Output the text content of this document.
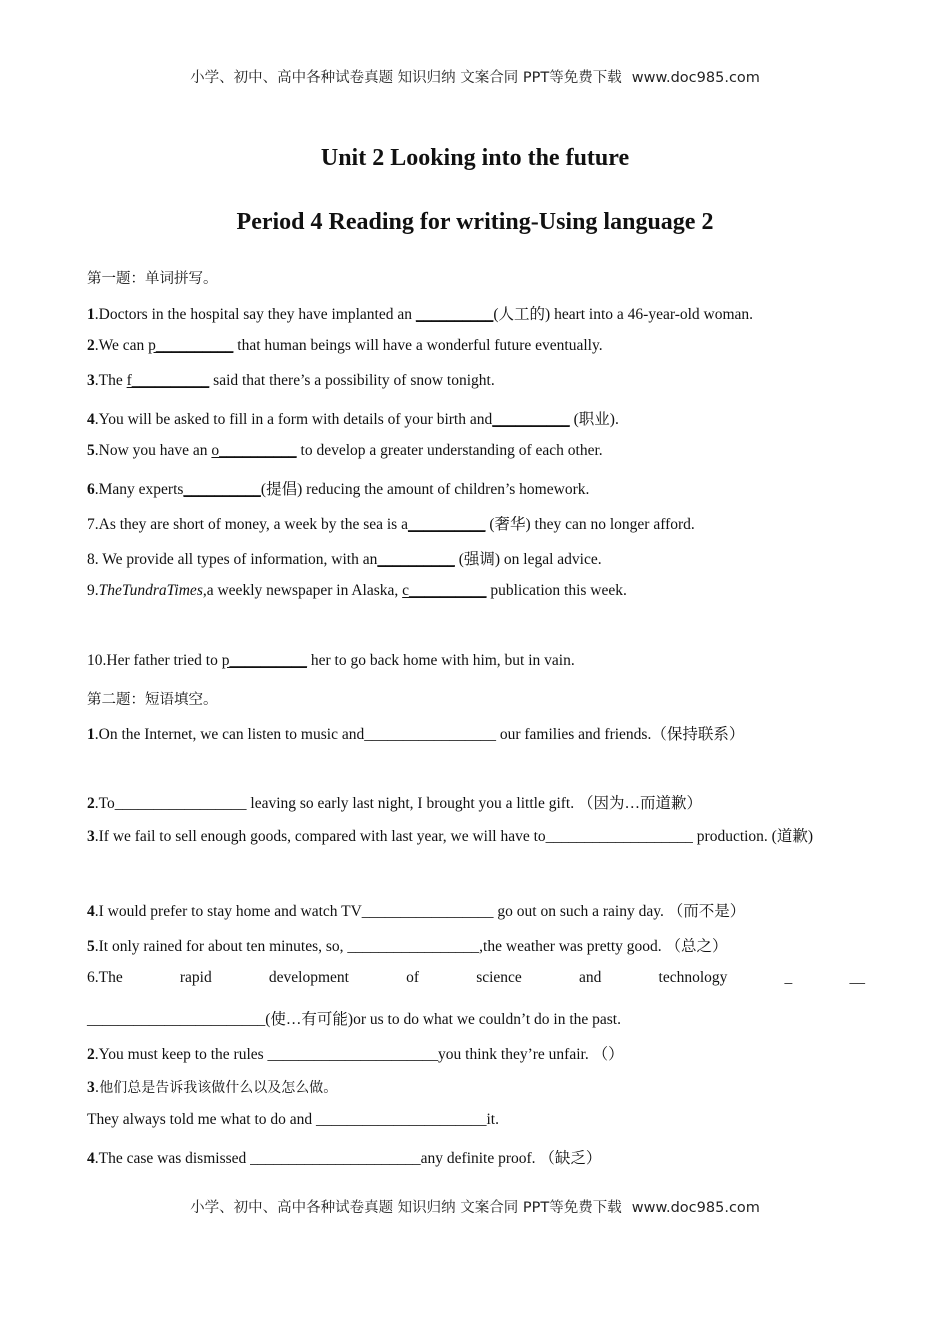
小学、初中、高中各种试卷真题 知识归纳 文案合同 PPT等免费下载 www.doc985.com
Unit 2 Looking into the future
Period 4 Reading for writing-Using language 2
第一题：单词拼写。
1.Doctors in the hospital say they have implanted an __________(人工的) heart into a 46-year-old woman.
2.We can p__________ that human beings will have a wonderful future eventually.
3.The f__________ said that there’s a possibility of snow tonight.
4.You will be asked to fill in a form with details of your birth and__________ (职业).
5.Now you have an o__________ to develop a greater understanding of each other.
6.Many experts__________(提倡) reducing the amount of children’s homework.
7.As they are short of money, a week by the sea is a__________ (奢华) they can no longer afford.
8. We provide all types of information, with an__________ (强调) on legal advice.
9.TheTundraTimes,a weekly newspaper in Alaska, c__________ publication this week.
10.Her father tried to p__________ her to go back home with him, but in vain.
第二题：短语填空。
1.On the Internet, we can listen to music and_________________ our families and friends.（保持联系）
2.To_________________ leaving so early last night, I brought you a little gift. （因为…而道歉）
3.If we fail to sell enough goods, compared with last year, we will have to___________________ production. (道歉)
4.I would prefer to stay home and watch TV_________________ go out on such a rainy day. （而不是）
5.It only rained for about ten minutes, so, _________________,the weather was pretty good. （总之）
6.The	rapid	development	of	science	and	technology	_	__
_______________________(使…有可能)or us to do what we couldn’t do in the past.
2.You must keep to the rules ______________________you think they’re unfair. （）
3.他们总是告诉我该做什么以及怎么做。
They always told me what to do and ______________________it.
4.The case was dismissed ______________________any definite proof. （缺乏）
小学、初中、高中各种试卷真题 知识归纳 文案合同 PPT等免费下载 www.doc985.com
